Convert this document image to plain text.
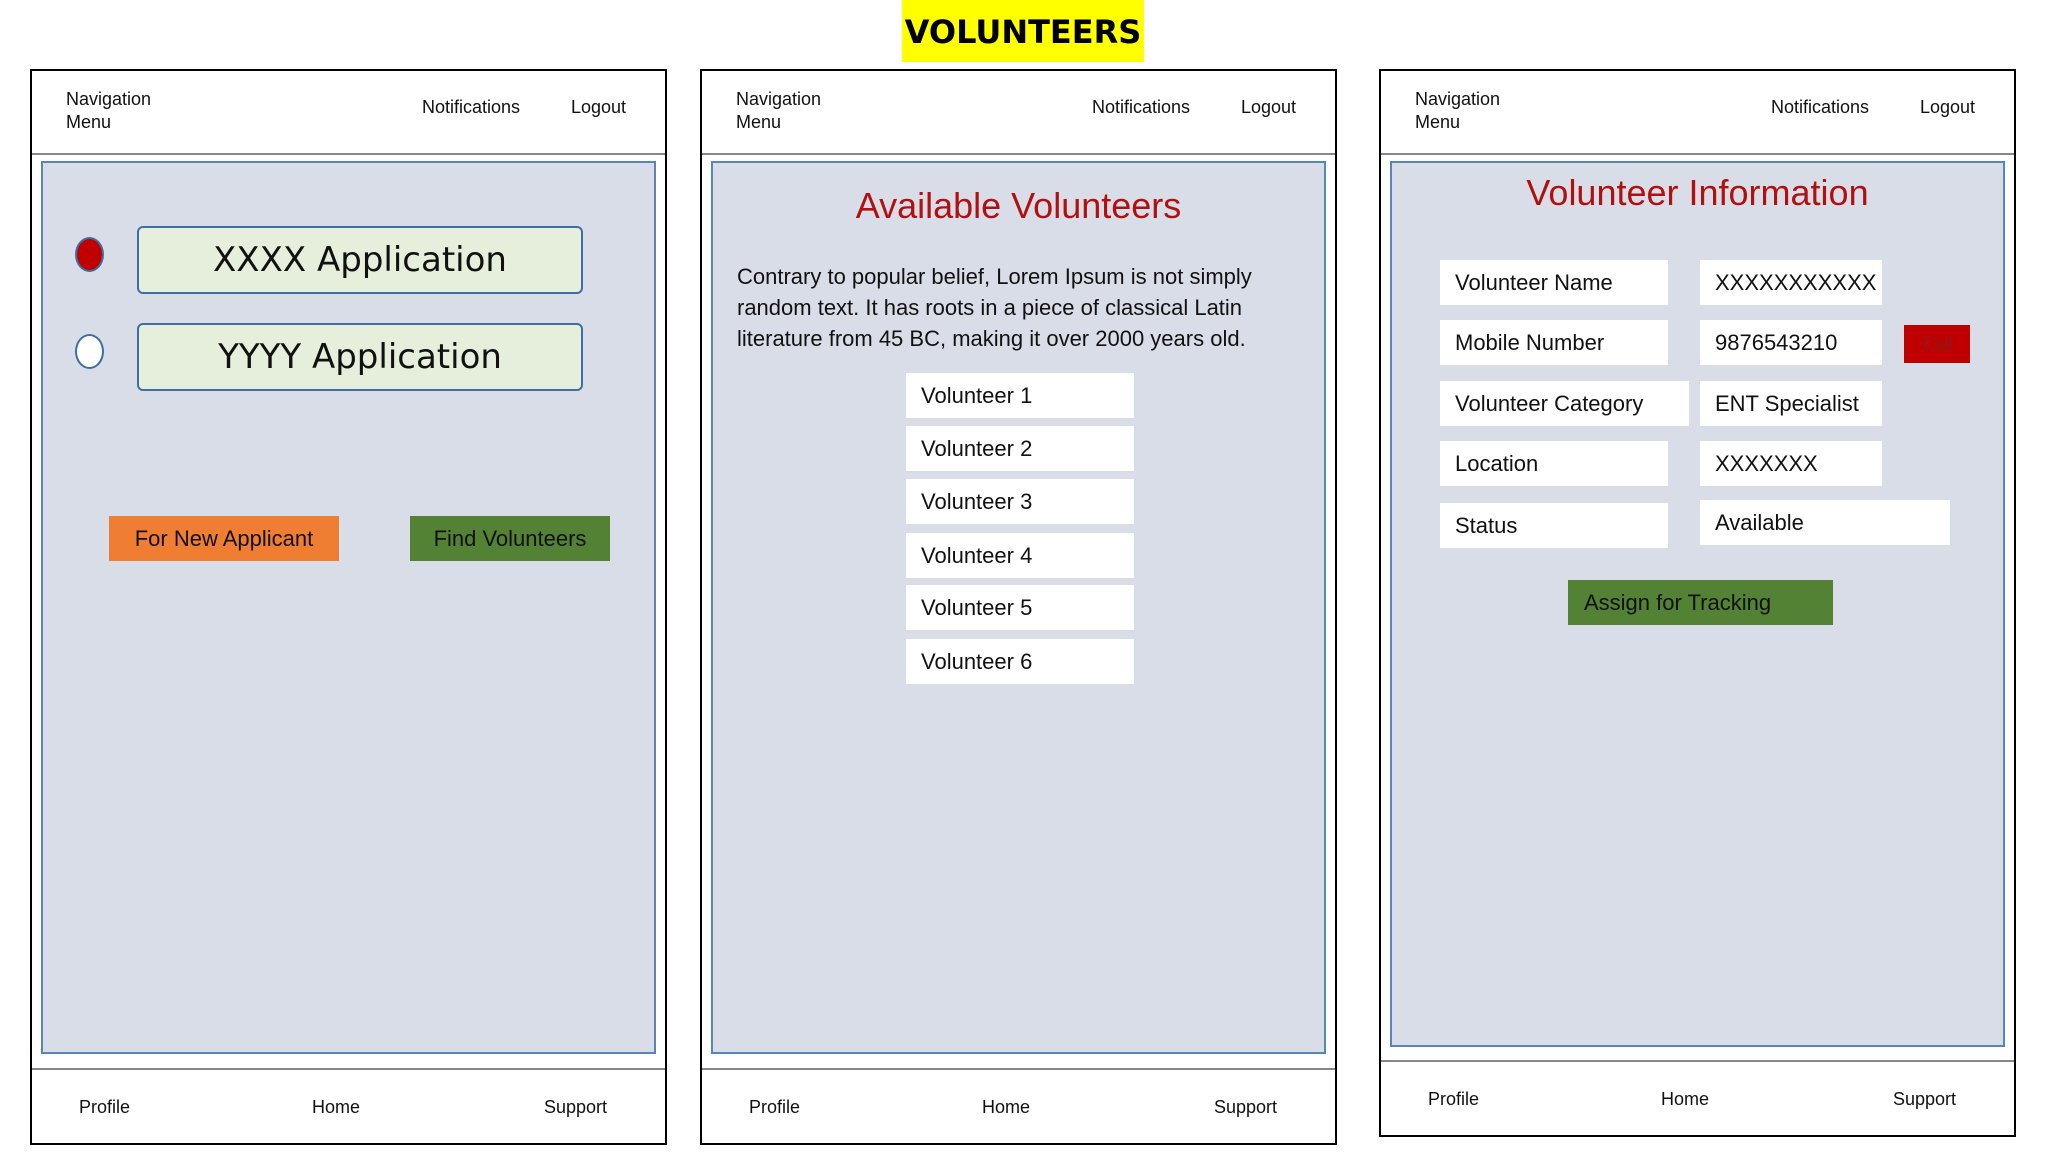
VOLUNTEERS
Navigation Menu
Notifications	Logout
XXXX Application
YYYY Application
For New Applicant	Find Volunteers
Profile	Home	Support
Navigation Menu
Notifications	Logout
Available Volunteers
Contrary to popular belief, Lorem Ipsum is not simply random text. It has roots in a piece of classical Latin literature from 45 BC, making it over 2000 years old.
Volunteer 1
Volunteer 2
Volunteer 3
Volunteer 4
Volunteer 5
Volunteer 6
Profile	Home	Support
Navigation Menu
Notifications	Logout
Volunteer Information
Volunteer Name	XXXXXXXXXXX
Mobile Number	9876543210	Call
Volunteer Category	ENT Specialist
Location	XXXXXXX
Status	Available
Assign for Tracking
Profile	Home	Support
